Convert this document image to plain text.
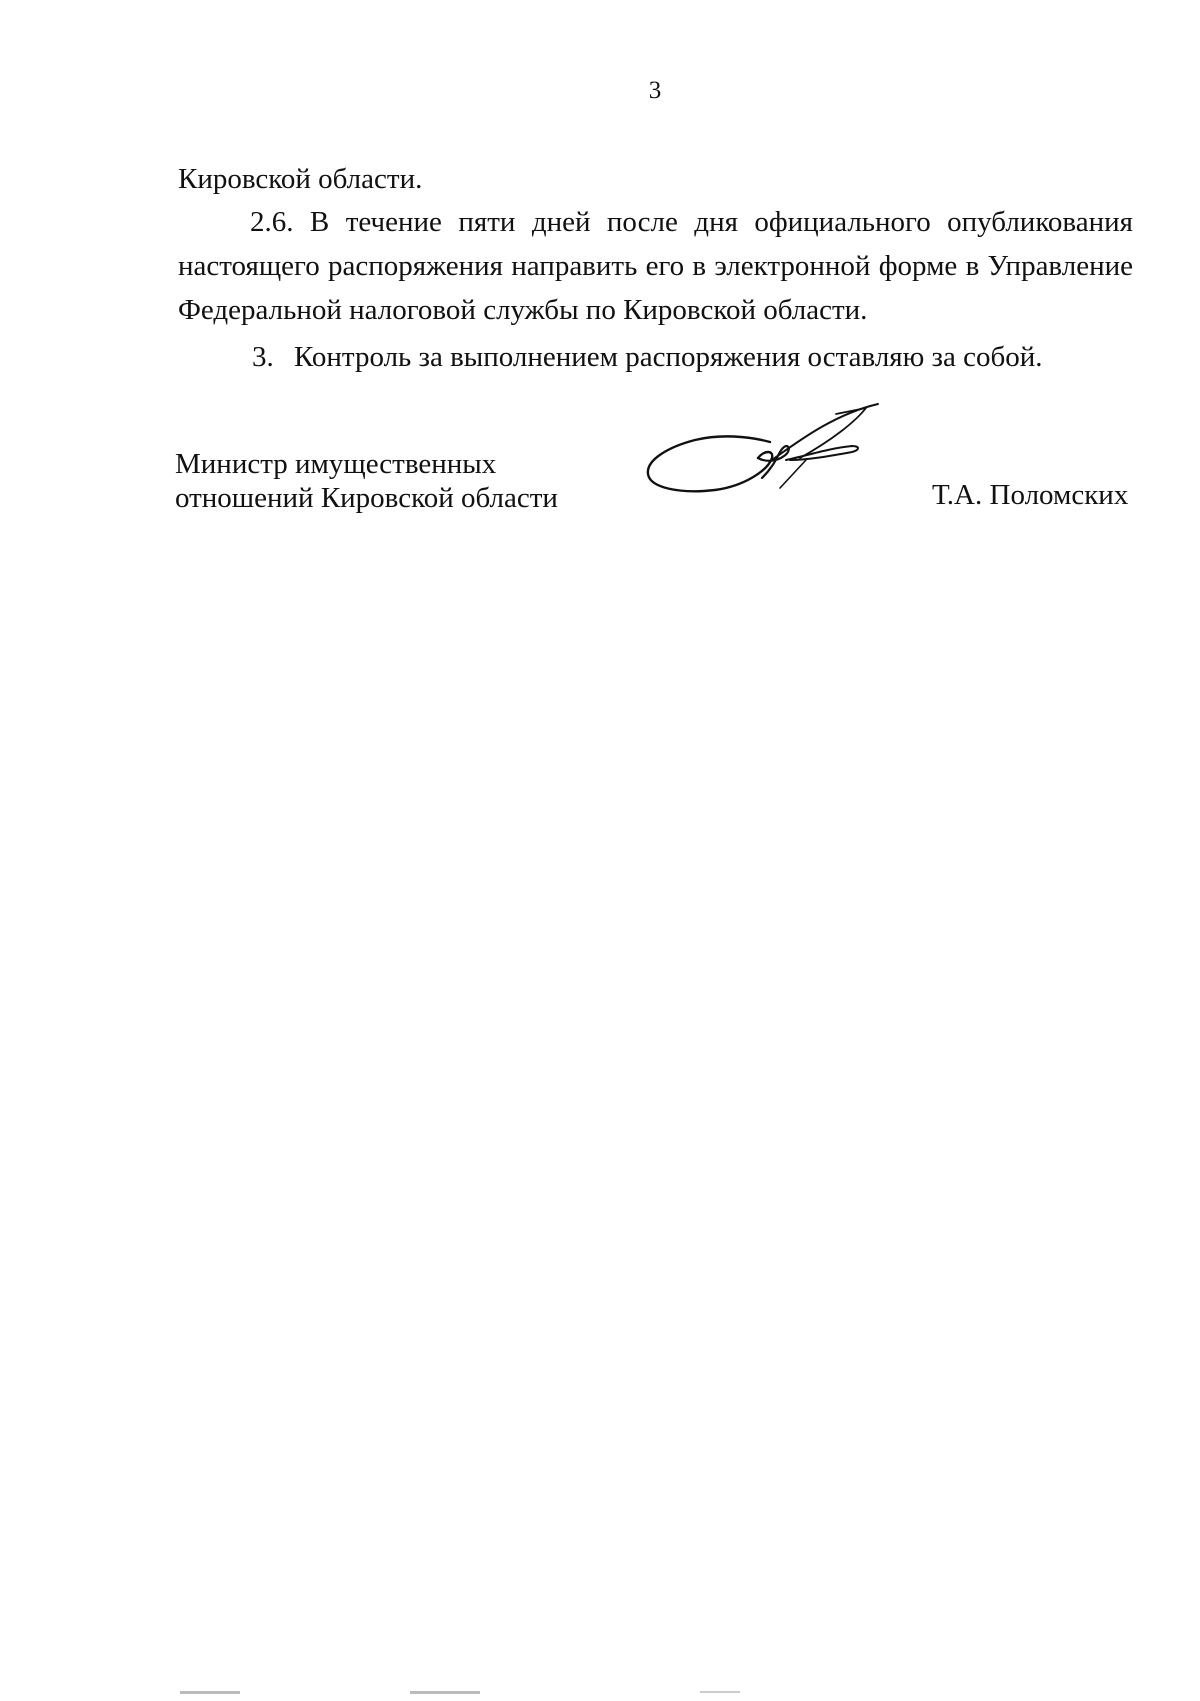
3
Кировской области.
2.6. В течение пяти дней после дня официального опубликования
настоящего распоряжения направить его в электронной форме в Управление
Федеральной налоговой службы по Кировской области.
3. Контроль за выполнением распоряжения оставляю за собой.
Министр имущественных
отношений Кировской области	Т.А. Поломских
